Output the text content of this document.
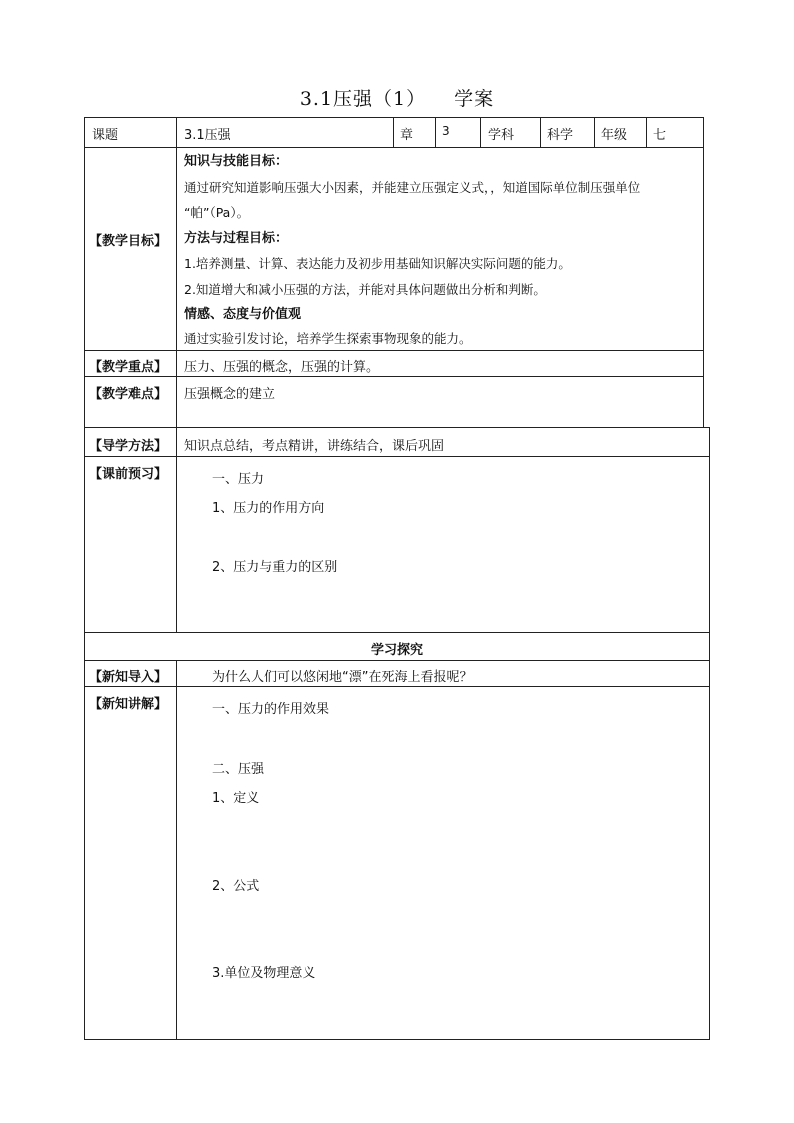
3.1压强（1） 学案
课题	3.1压强	章 3	学科	科学 年级 七
【教学目标】
知识与技能目标：
通过研究知道影响压强大小因素，并能建立压强定义式，，知道国际单位制压强单位
“帕”（Pa）。
方法与过程目标：
1.培养测量、计算、表达能力及初步用基础知识解决实际问题的能力。
2.知道增大和减小压强的方法，并能对具体问题做出分析和判断。
情感、态度与价值观
通过实验引发讨论，培养学生探索事物现象的能力。
【教学重点】 压力、压强的概念，压强的计算。
【教学难点】 压强概念的建立
【导学方法】 知识点总结，考点精讲，讲练结合，课后巩固
【课前预习】	一、压力
1、压力的作用方向
2、压力与重力的区别
学习探究
【新知导入】	为什么人们可以悠闲地“漂”在死海上看报呢？
【新知讲解】	一、压力的作用效果
二、压强
1、定义
2、公式
3.单位及物理意义
